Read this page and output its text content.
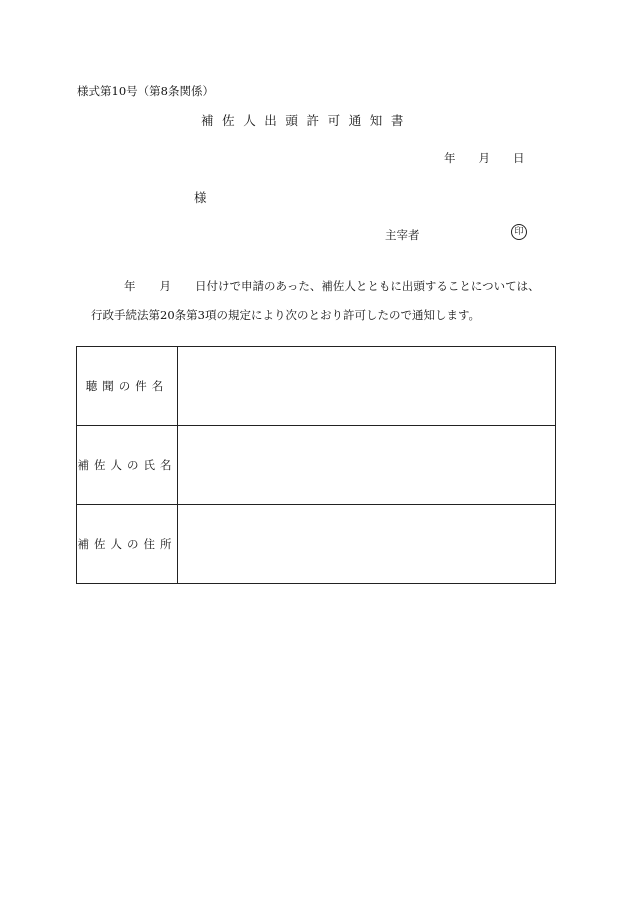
様式第10号（第8条関係）
補佐人出頭許可通知書
年 月 日
様
主宰者	印
年 月 日付けで申請のあった、補佐人とともに出頭することについては、
行政手続法第20条第3項の規定により次のとおり許可したので通知します。
聴聞の件名	
補佐人の氏名	
補佐人の住所	
